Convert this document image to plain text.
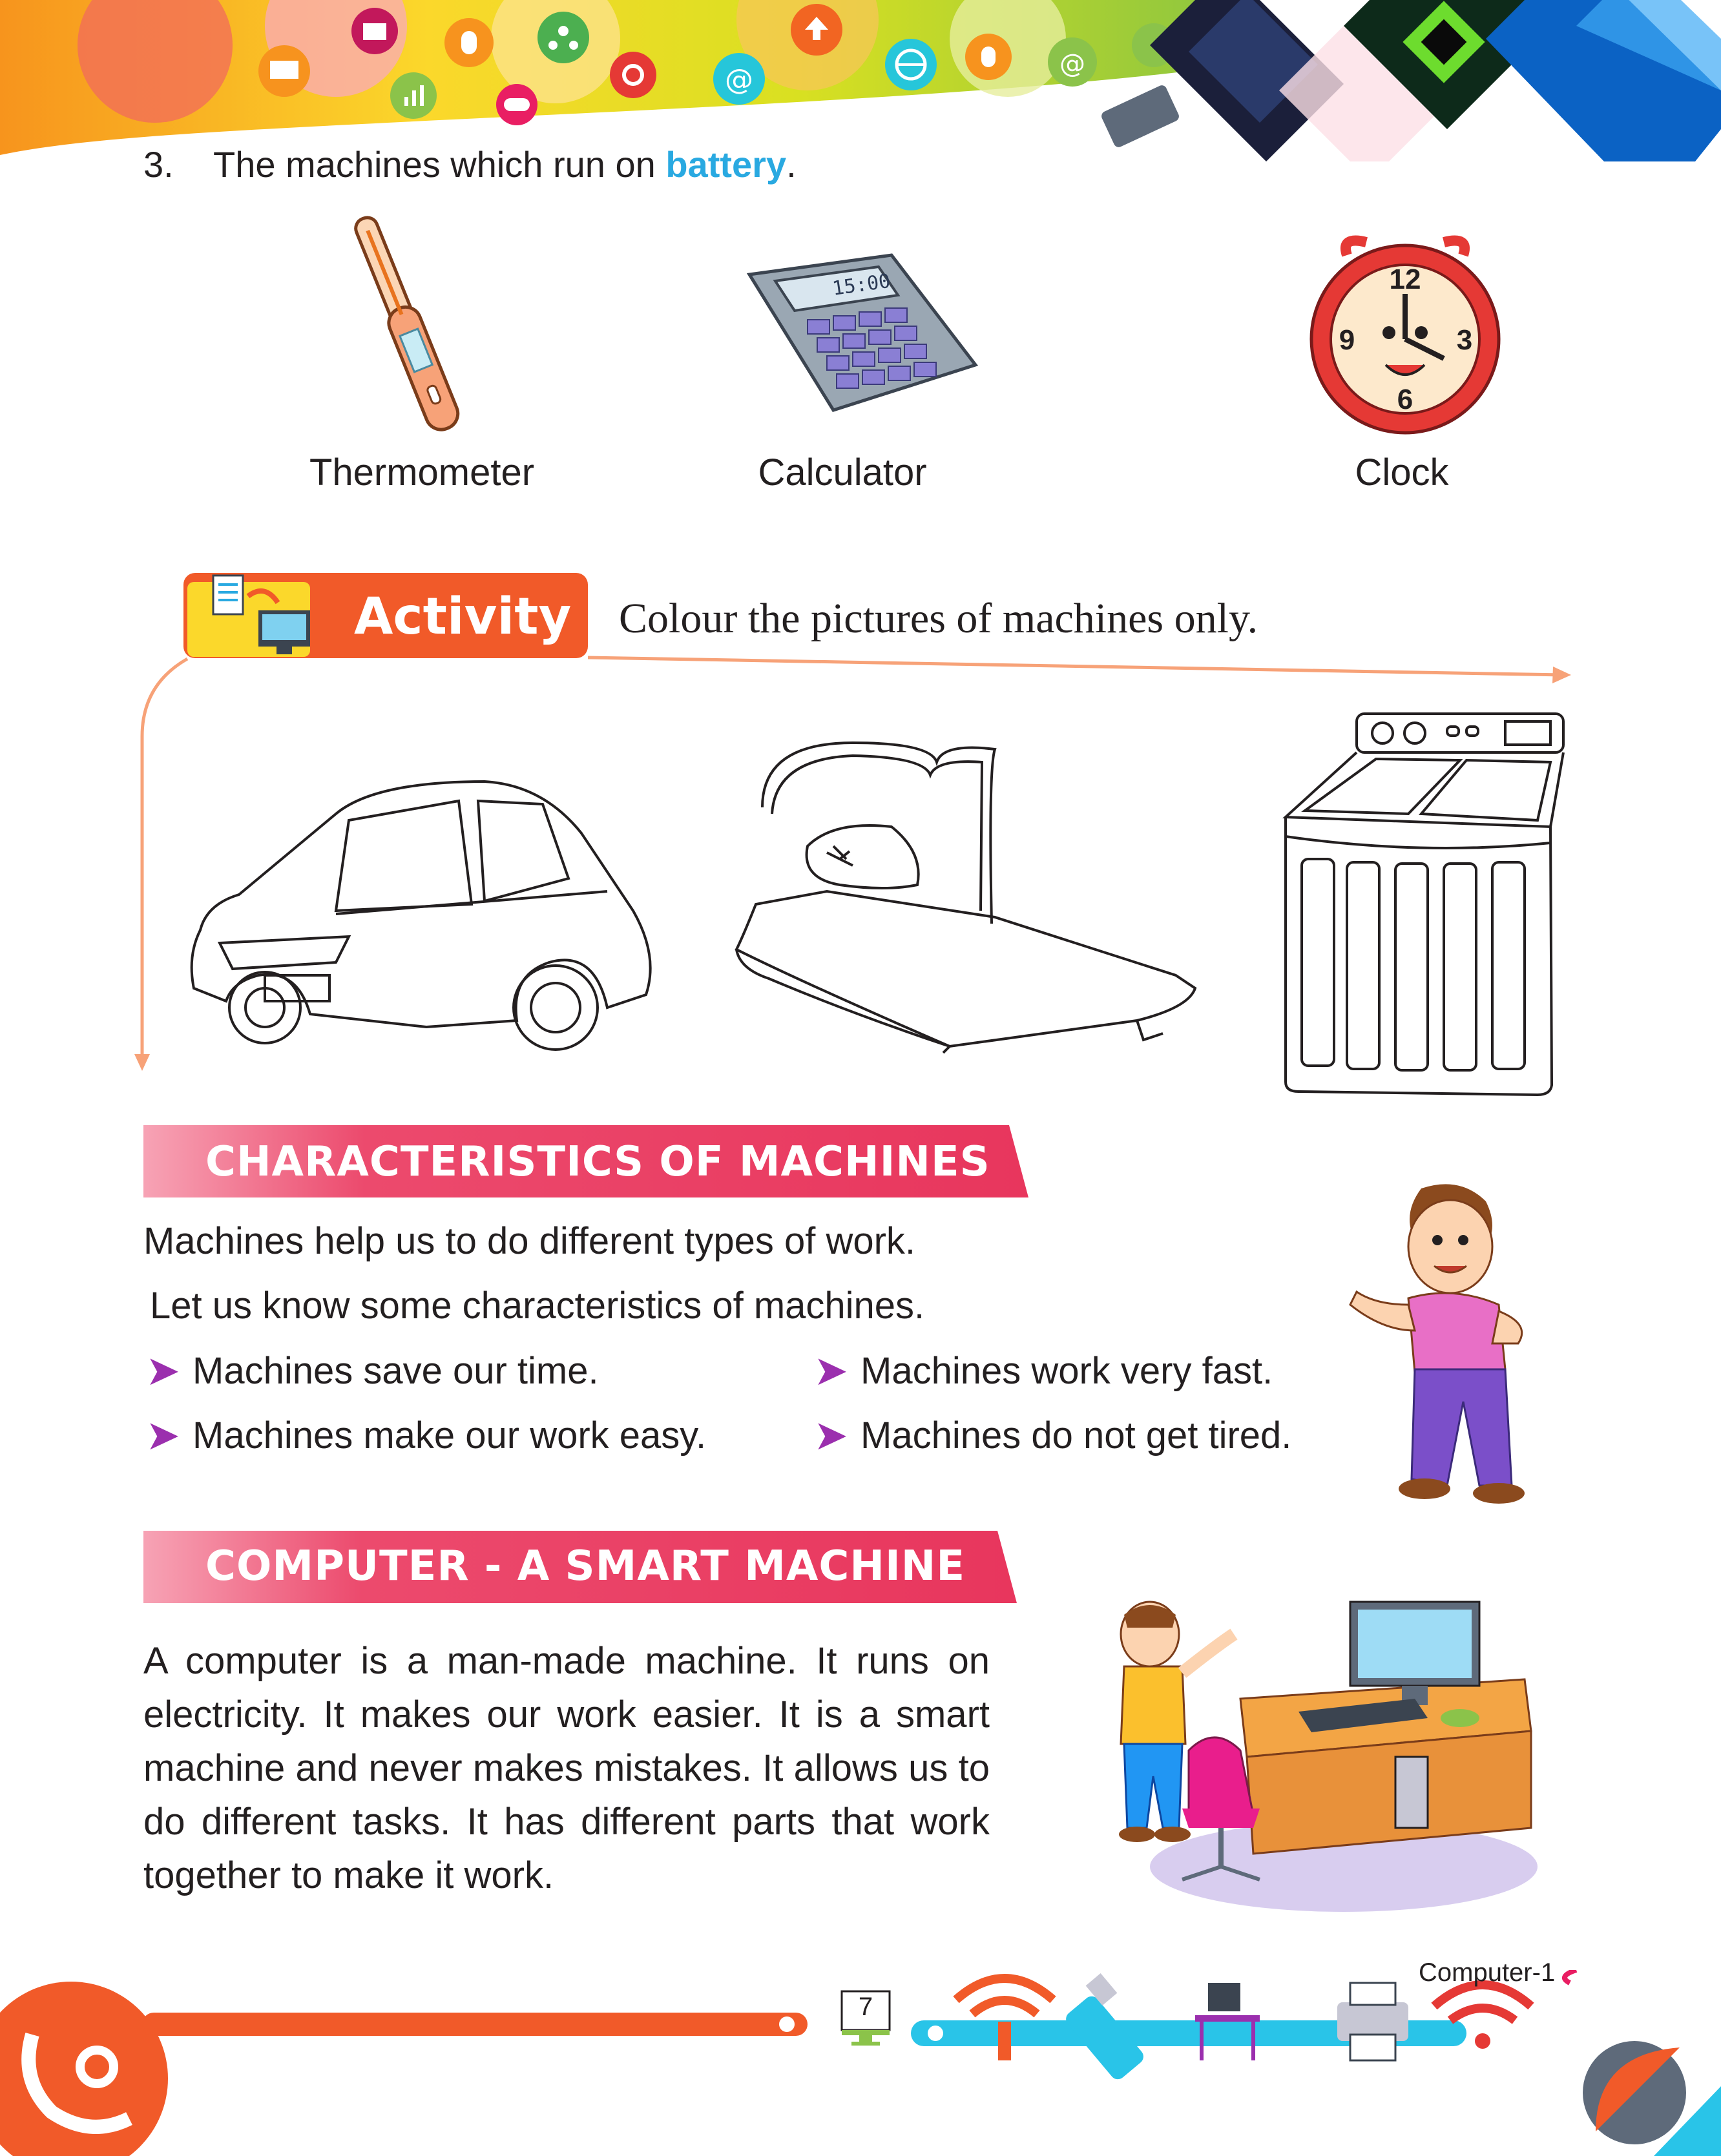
@	@
3. The machines which run on battery.
15:00	12
3
6
9
Thermometer	Calculator	Clock
Activity Colour the pictures of machines only.
CHARACTERISTICS OF MACHINES
Machines help us to do different types of work.
Let us know some characteristics of machines.
➤ Machines save our time.	➤ Machines work very fast.
➤ Machines make our work easy.	➤ Machines do not get tired.
COMPUTER - A SMART MACHINE
A computer is a man-made machine. It runs on electricity. It makes our work easier. It is a smart machine and never makes mistakes. It allows us to do different tasks. It has different parts that work together to make it work.
7
Computer-1
